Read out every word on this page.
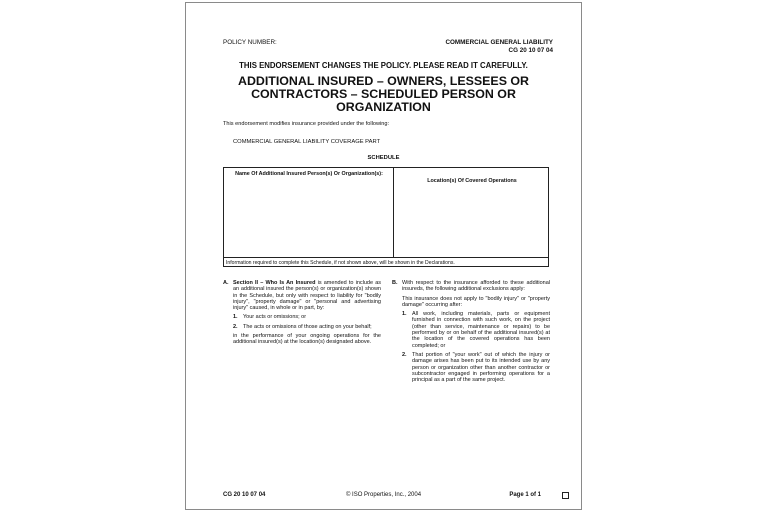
POLICY NUMBER:	COMMERCIAL GENERAL LIABILITY
CG 20 10 07 04
THIS ENDORSEMENT CHANGES THE POLICY. PLEASE READ IT CAREFULLY.
ADDITIONAL INSURED – OWNERS, LESSEES OR CONTRACTORS – SCHEDULED PERSON OR ORGANIZATION
This endorsement modifies insurance provided under the following:
COMMERCIAL GENERAL LIABILITY COVERAGE PART
SCHEDULE
Name Of Additional Insured Person(s) Or Organization(s):
Location(s) Of Covered Operations
Information required to complete this Schedule, if not shown above, will be shown in the Declarations.
A. Section II – Who Is An Insured is amended to include as an additional insured the person(s) or organization(s) shown in the Schedule, but only with respect to liability for "bodily injury", "property damage" or "personal and advertising injury" caused, in whole or in part, by:
1. Your acts or omissions; or
2. The acts or omissions of those acting on your behalf;
in the performance of your ongoing operations for the additional insured(s) at the location(s) designated above.
B. With respect to the insurance afforded to these additional insureds, the following additional exclusions apply:
This insurance does not apply to "bodily injury" or "property damage" occurring after:
1. All work, including materials, parts or equipment furnished in connection with such work, on the project (other than service, maintenance or repairs) to be performed by or on behalf of the additional insured(s) at the location of the covered operations has been completed; or
2. That portion of "your work" out of which the injury or damage arises has been put to its intended use by any person or organization other than another contractor or subcontractor engaged in performing operations for a principal as a part of the same project.
CG 20 10 07 04	© ISO Properties, Inc., 2004	Page 1 of 1
